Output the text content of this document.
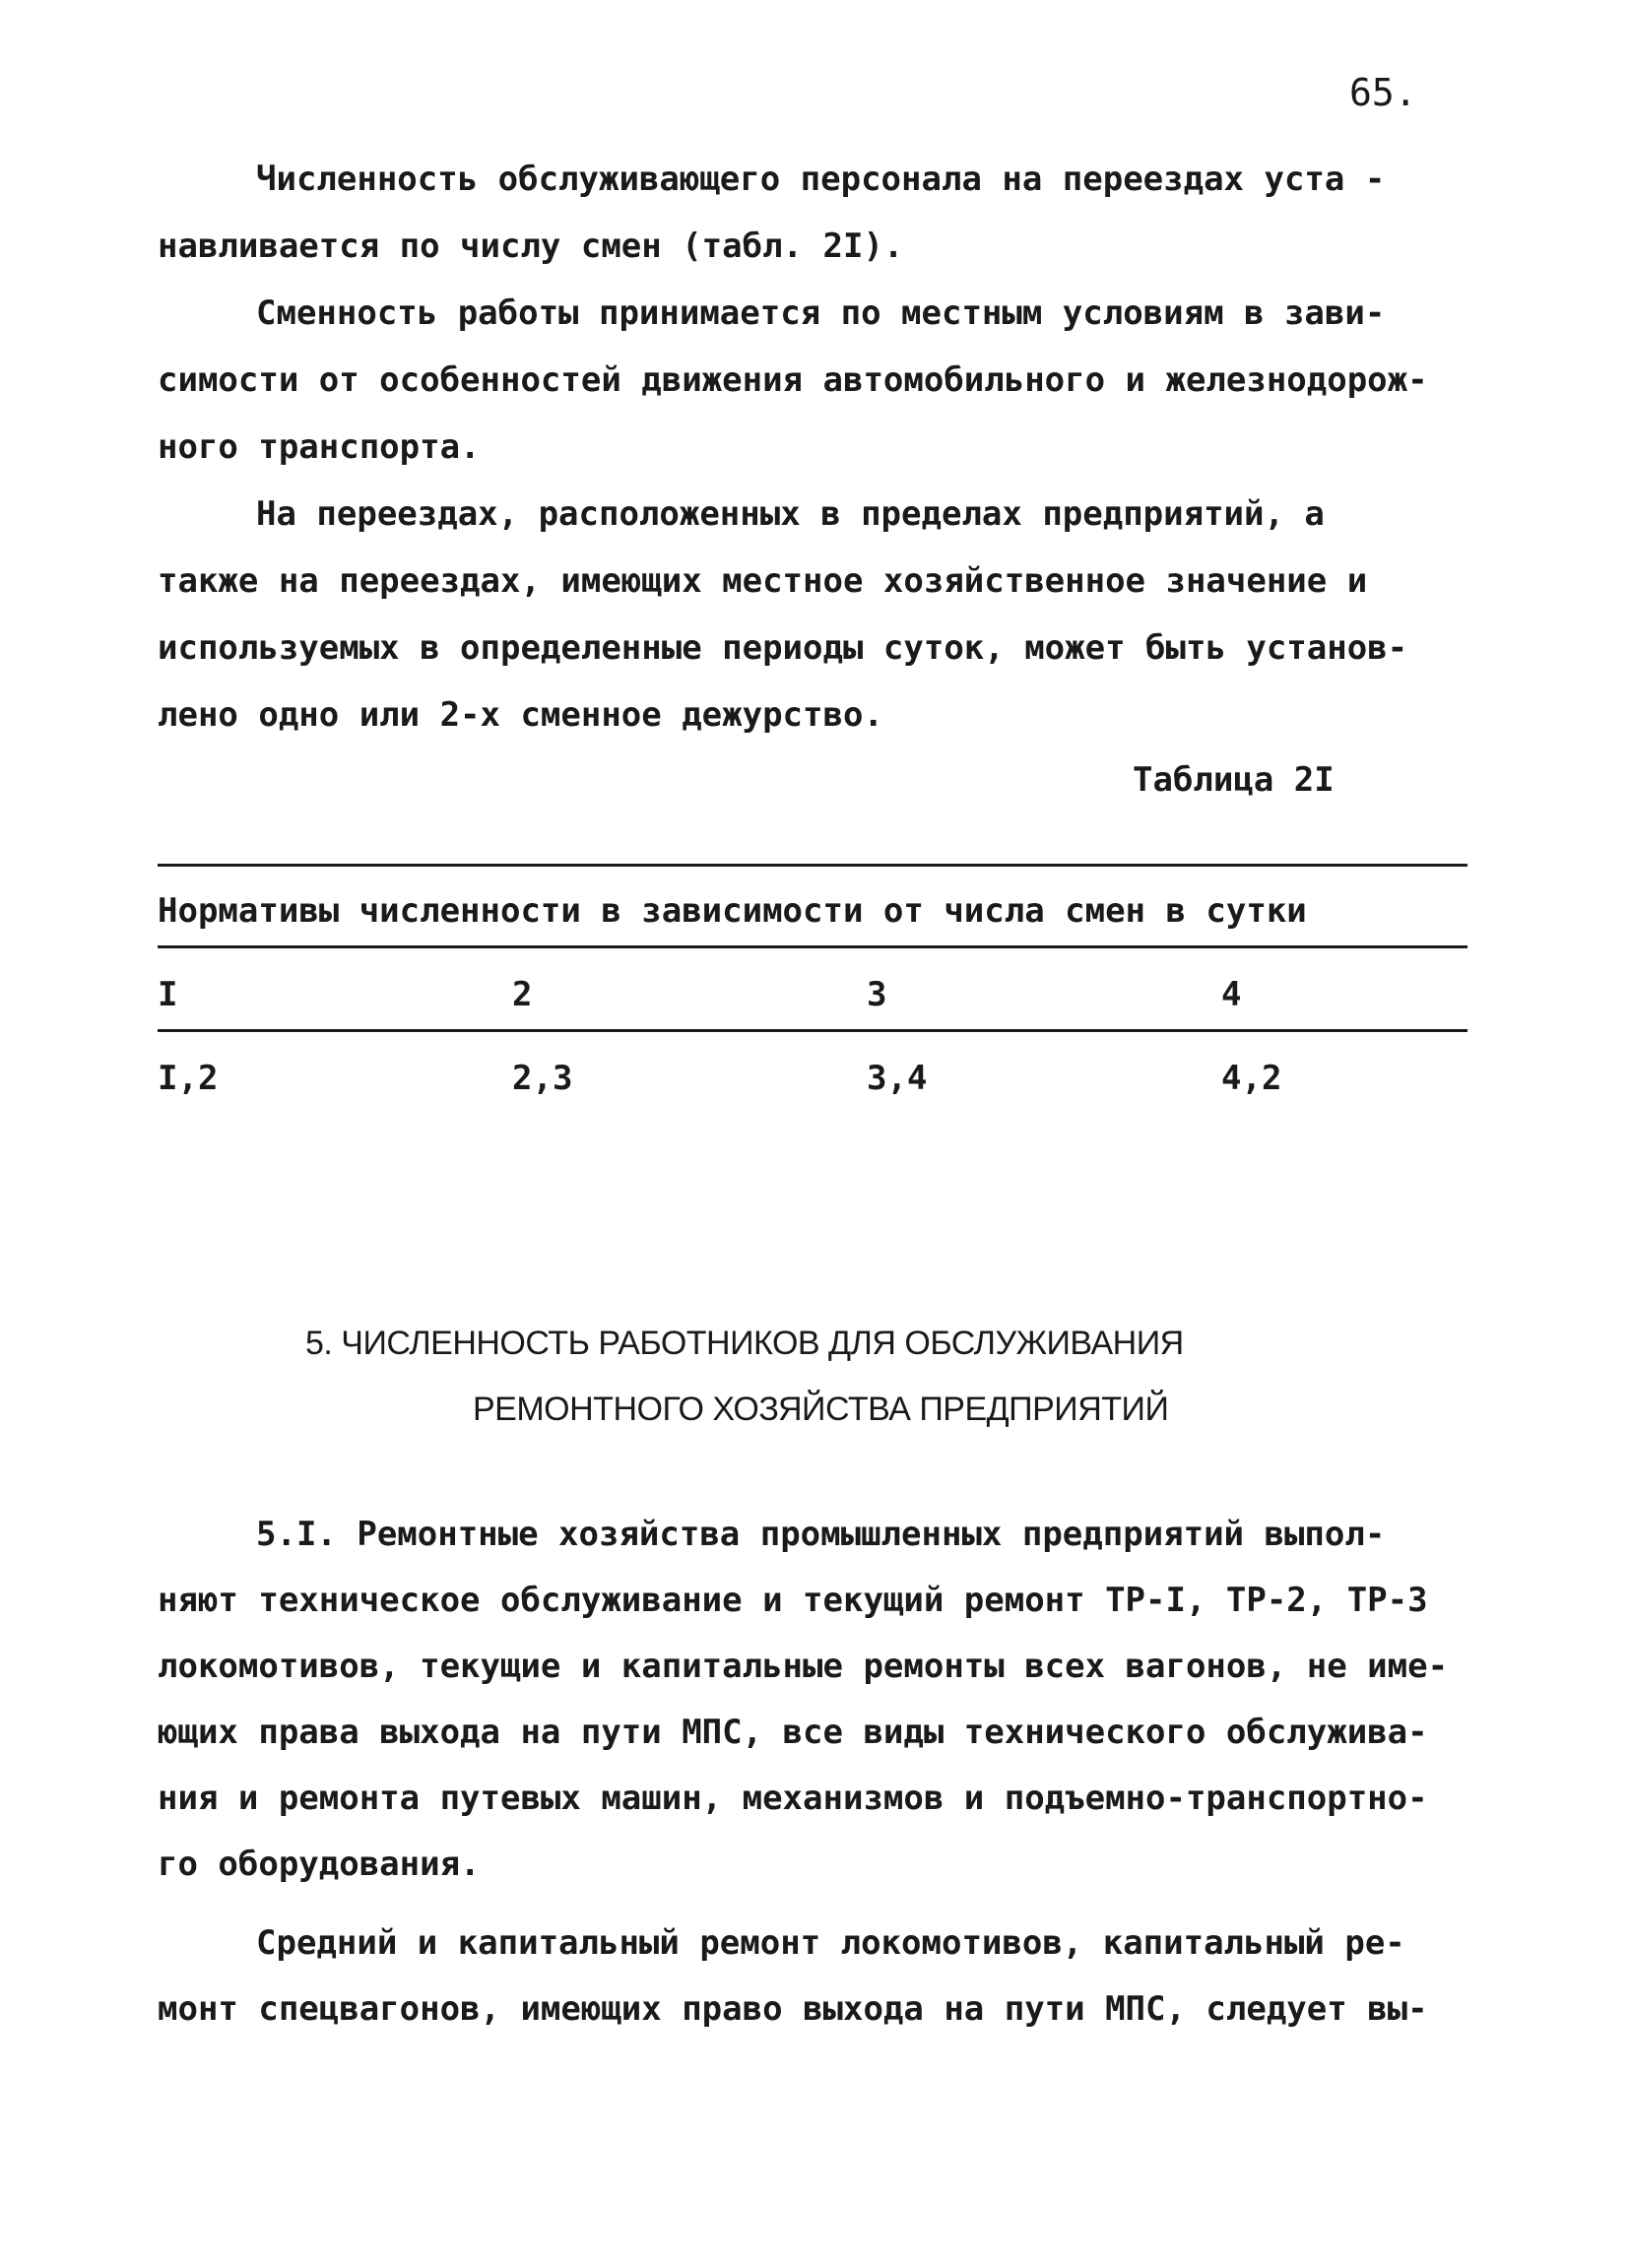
65.
Численность обслуживающего персонала на переездах уста -
навливается по числу смен (табл. 2I).
Сменность работы принимается по местным условиям в зави-
симости от особенностей движения автомобильного и железнодорож-
ного транспорта.
На переездах, расположенных в пределах предприятий, а
также на переездах, имеющих местное хозяйственное значение и
используемых в определенные периоды суток, может быть установ-
лено одно или 2-х сменное дежурство.
Таблица 2I
Нормативы численности в зависимости от числа смен в сутки
I	2	3	4
I,2	2,3	3,4	4,2
5. ЧИСЛЕННОСТЬ РАБОТНИКОВ ДЛЯ ОБСЛУЖИВАНИЯ
РЕМОНТНОГО ХОЗЯЙСТВА ПРЕДПРИЯТИЙ
5.I. Ремонтные хозяйства промышленных предприятий выпол-
няют техническое обслуживание и текущий ремонт ТР-I, ТР-2, ТР-3
локомотивов, текущие и капитальные ремонты всех вагонов, не име-
ющих права выхода на пути МПС, все виды технического обслужива-
ния и ремонта путевых машин, механизмов и подъемно-транспортно-
го оборудования.
Средний и капитальный ремонт локомотивов, капитальный ре-
монт спецвагонов, имеющих право выхода на пути МПС, следует вы-
